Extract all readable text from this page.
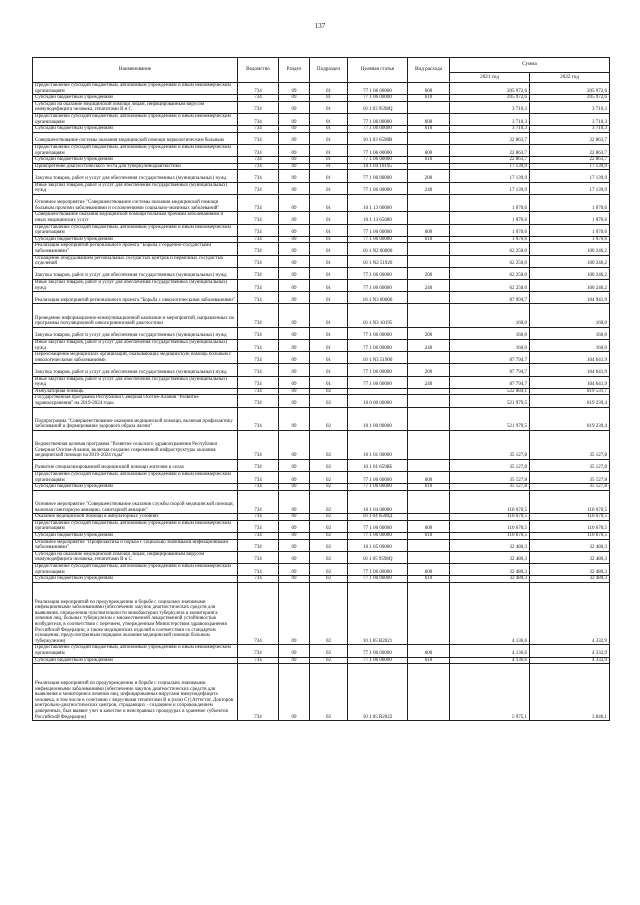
137
Наименование	Ведомство	Раздел	Подраздел	Целевая статья	Вид расхода	Сумма	
						2021 год	2022 год
Предоставление субсидий бюджетным, автономным учреждениям и иным некоммерческим организациям	734	09	01	77 1 06 00000	600	205 972,6	205 972,6
Субсидии бюджетным учреждениям	734	09	01	77 1 06 00000	610	205 972,6	205 972,6
Субсидии на оказание медицинской помощи лицам, инфицированным вирусом иммунодефицита человека, гепатитами В и С	734	09	01	10 1 03 9598Q		3 710,3	3 710,3
Предоставление субсидий бюджетным, автономным учреждениям и иным некоммерческим организациям	734	09	01	77 1 06 00000	600	3 710,3	3 710,3
Субсидии бюджетным учреждениям	734	09	01	77 1 06 00000	610	3 710,3	3 710,3
Совершенствование системы оказания медицинской помощи наркологическим больным	734	09	01	10 1 03 6598В		22 863,7	22 863,7
Предоставление субсидий бюджетным, автономным учреждениям и иным некоммерческим организациям	734	09	01	77 1 06 00000	600	22 863,7	22 863,7
Субсидии бюджетным учреждениям	734	09	01	77 1 06 00000	610	22 863,7	22 863,7
Приобретение диагностического теста для туберкулинодиагностики	734	09	01	10 1 04 10195		17 139,9	17 139,9
Закупка товаров, работ и услуг для обеспечения государственных (муниципальных) нужд	734	09	01	77 1 06 00000	200	17 139,9	17 139,9
Иные закупки товаров, работ и услуг для обеспечения государственных (муниципальных) нужд	734	09	01	77 1 06 00000	240	17 139,9	17 139,9
Основное мероприятие "Совершенствование системы оказания медицинской помощи больным прочими заболеваниями и осложнениями социально-значимых заболеваний"	734	09	01	10 1 13 00000		1 070,6	1 070,6
Совершенствование оказания медицинской помощи больным прочими заболеваниями и иных медицинских услуг	734	09	01	10 1 13 65680		1 070,6	1 070,6
Предоставление субсидий бюджетным, автономным учреждениям и иным некоммерческим организациям	734	09	01	77 1 06 00000	600	1 070,6	1 070,6
Субсидии бюджетным учреждениям	734	09	01	77 1 06 00000	610	1 070,6	1 070,6
Реализация мероприятий регионального проекта "Борьба с сердечно-сосудистыми заболеваниями"	734	09	01	10 1 N2 00000		62 250,0	100 246,2
Оснащение оборудованием региональных сосудистых центров и первичных сосудистых отделений	734	09	01	10 1 N2 51920		62 250,0	100 246,2
Закупка товаров, работ и услуг для обеспечения государственных (муниципальных) нужд	734	09	01	77 1 06 00000	200	62 250,0	100 246,2
Иные закупки товаров, работ и услуг для обеспечения государственных (муниципальных) нужд	734	09	01	77 1 06 00000	240	62 250,0	100 246,2
Реализация мероприятий регионального проекта "Борьба с онкологическими заболеваниями"	734	09	01	10 1 N3 00000		87 994,7	104 941,9
Проведение информационно-коммуникационной кампании и мероприятий, направленных на программы популяционной онкоскрининговой диагностики	734	09	01	10 1 N3 10195		160,0	160,0
Закупка товаров, работ и услуг для обеспечения государственных (муниципальных) нужд	734	09	01	77 1 06 00000	200	160,0	160,0
Иные закупки товаров, работ и услуг для обеспечения государственных (муниципальных) нужд	734	09	01	77 1 06 00000	240	160,0	160,0
Переоснащение медицинских организаций, оказывающих медицинскую помощь больным с онкологическими заболеваниями	734	09	01	10 1 N3 51900		87 794,7	104 641,9
Закупка товаров, работ и услуг для обеспечения государственных (муниципальных) нужд	734	09	01	77 1 06 00000	200	87 794,7	104 641,9
Иные закупки товаров, работ и услуг для обеспечения государственных (муниципальных) нужд	734	09	01	77 1 06 00000	240	87 794,7	104 641,9
Амбулаторная помощь	734	09	02			522 084,1	819 531,7
Государственная программа Республики Северная Осетия-Алания "Развитие здравоохранения" на 2019-2024 годы	734	09	02	10 0 00 00000		521 979,5	819 239,4
Подпрограмма "Совершенствование оказания медицинской помощи, включая профилактику заболеваний и формирование здорового образа жизни"	734	09	02	10 1 00 00000		521 979,5	819 239,4
Ведомственная целевая программа "Развитие сельского здравоохранения Республики Северная Осетия-Алания, включая создание современной инфраструктуры оказания медицинской помощи на 2019-2024 годы"	734	09	02	10 1 01 00000		35 127,8	35 127,8
Развитие специализированной медицинской помощи жителям в селах	734	09	02	10 1 01 6598Б		35 127,8	35 127,8
Предоставление субсидий бюджетным, автономным учреждениям и иным некоммерческим организациям	734	09	02	77 1 06 00000	600	35 127,8	35 127,8
Субсидии бюджетным учреждениям	734	09	02	77 1 06 00000	610	35 127,8	35 127,8
Основное мероприятие "Совершенствование оказания службы скорой медицинской помощи, включая санитарную авиацию, санитарной авиации"	734	09	02	10 1 04 00000		110 670,5	110 670,5
Оказание медицинской помощи в амбулаторных условиях	734	09	02	10 1 04 6598Д		110 670,5	110 670,5
Предоставление субсидий бюджетным, автономным учреждениям и иным некоммерческим организациям	734	09	02	77 1 06 00000	600	110 670,5	110 670,5
Субсидии бюджетным учреждениям	734	09	02	77 1 06 00000	610	110 670,5	110 670,5
Основное мероприятие "Профилактика и борьба с социально значимыми инфекционными заболеваниями"	734	09	02	10 1 05 00000		32 480,3	32 480,3
Субсидии на оказание медицинской помощи лицам, инфицированным вирусом иммунодефицита человека, гепатитами В и С	734	09	02	10 1 05 9598Q		32 480,3	32 480,3
Предоставление субсидий бюджетным, автономным учреждениям и иным некоммерческим организациям	734	09	02	77 1 06 00000	600	32 480,3	32 480,3
Субсидии бюджетным учреждениям	734	09	02	77 1 06 00000	610	32 480,3	32 480,3
Реализация мероприятий по предупреждению и борьбе с социально значимыми инфекционными заболеваниями (обеспечение закупок диагностических средств для выявления, определения чувствительности микобактерии туберкулеза и мониторинга лечения лиц, больных туберкулезом с множественной лекарственной устойчивостью возбудителя, в соответствии с перечнем, утвержденным Министерством здравоохранения Российской Федерации, а также медицинских изделий в соответствии со стандартом оснащения, предусмотренным порядком оказания медицинской помощи больным туберкулезом)	734	09	02	10 1 05 R2021		4 136,6	4 332,9
Предоставление субсидий бюджетным, автономным учреждениям и иным некоммерческим организациям	734	09	02	77 1 06 00000	600	4 136,6	4 332,9
Субсидии бюджетным учреждениям	734	09	02	77 1 06 00000	610	4 136,6	4 332,9
Реализация мероприятий по предупреждению и борьбе с социально значимыми инфекционными заболеваниями (обеспечение закупок диагностических средств для выявления и мониторинга лечения лиц, инфицированных вирусами иммунодефицита человека, в том числе в сочетании с вирусными гепатитами В и (или) С) (Аттестат, Докторов контрольно-диагностических центров, страдающих - созданием и сопровождением доверенных, был выявит учет в качестве и неисправных процедурах в хранение субъектов Российской Федерации)	734	09	02	10 1 05 R2022		5 975,1	3 846,1
